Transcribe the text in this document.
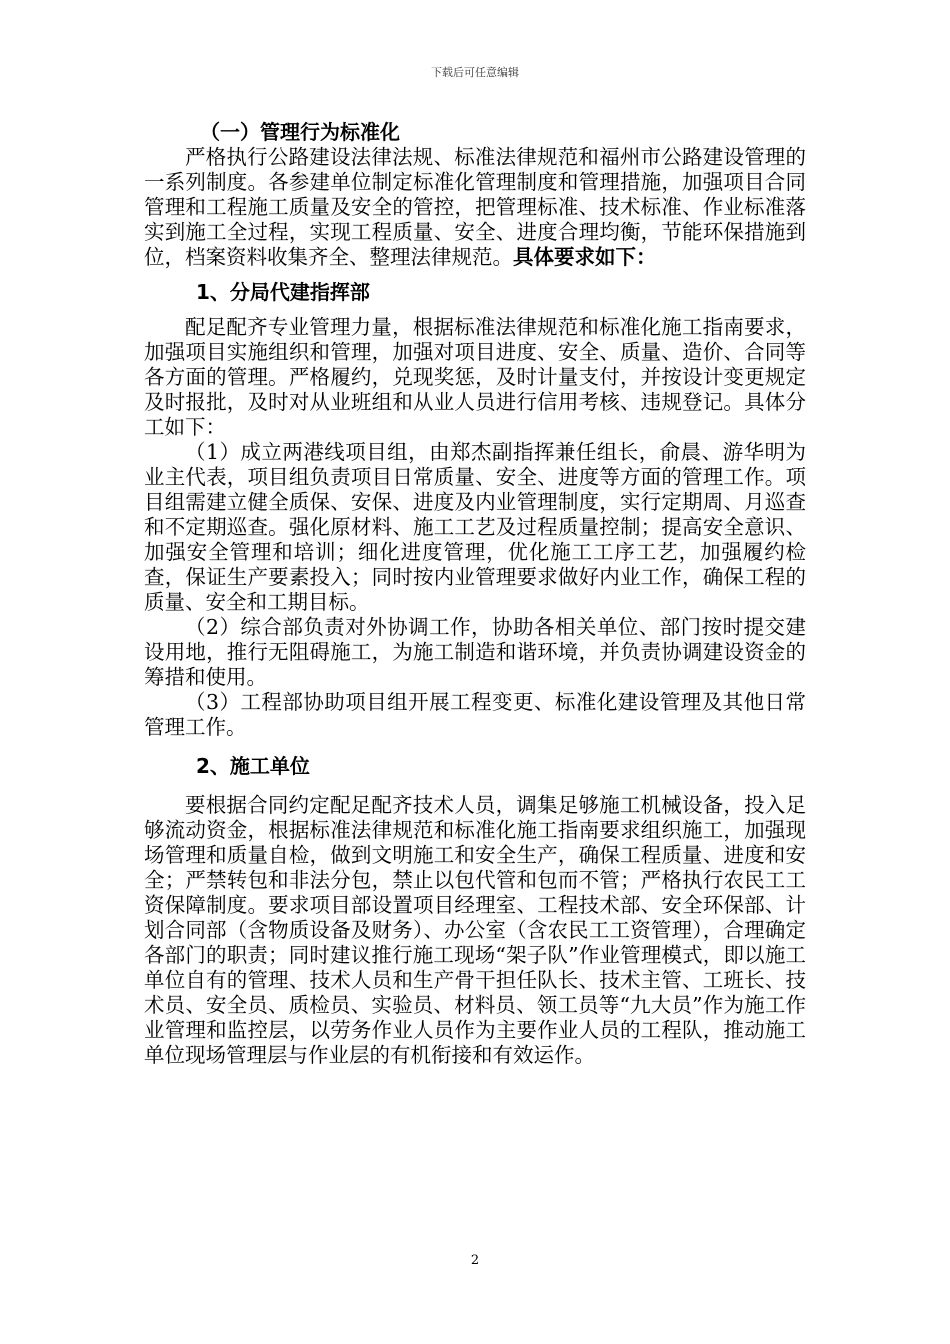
下载后可任意编辑

（一）管理行为标准化

严格执行公路建设法律法规、标准法律规范和福州市公路建设管理的一系列制度。各参建单位制定标准化管理制度和管理措施，加强项目合同管理和工程施工质量及安全的管控，把管理标准、技术标准、作业标准落实到施工全过程，实现工程质量、安全、进度合理均衡，节能环保措施到位，档案资料收集齐全、整理法律规范。具体要求如下：

1、分局代建指挥部

配足配齐专业管理力量，根据标准法律规范和标准化施工指南要求，加强项目实施组织和管理，加强对项目进度、安全、质量、造价、合同等各方面的管理。严格履约，兑现奖惩，及时计量支付，并按设计变更规定及时报批，及时对从业班组和从业人员进行信用考核、违规登记。具体分工如下：

（1）成立两港线项目组，由郑杰副指挥兼任组长，俞晨、游华明为业主代表，项目组负责项目日常质量、安全、进度等方面的管理工作。项目组需建立健全质保、安保、进度及内业管理制度，实行定期周、月巡查和不定期巡查。强化原材料、施工工艺及过程质量控制；提高安全意识、加强安全管理和培训；细化进度管理，优化施工工序工艺，加强履约检查，保证生产要素投入；同时按内业管理要求做好内业工作，确保工程的质量、安全和工期目标。

（2）综合部负责对外协调工作，协助各相关单位、部门按时提交建设用地，推行无阻碍施工，为施工制造和谐环境，并负责协调建设资金的筹措和使用。

（3）工程部协助项目组开展工程变更、标准化建设管理及其他日常管理工作。

2、施工单位

要根据合同约定配足配齐技术人员，调集足够施工机械设备，投入足够流动资金，根据标准法律规范和标准化施工指南要求组织施工，加强现场管理和质量自检，做到文明施工和安全生产，确保工程质量、进度和安全；严禁转包和非法分包，禁止以包代管和包而不管；严格执行农民工工资保障制度。要求项目部设置项目经理室、工程技术部、安全环保部、计划合同部（含物质设备及财务）、办公室（含农民工工资管理），合理确定各部门的职责；同时建议推行施工现场“架子队”作业管理模式，即以施工单位自有的管理、技术人员和生产骨干担任队长、技术主管、工班长、技术员、安全员、质检员、实验员、材料员、领工员等“九大员”作为施工作业管理和监控层，以劳务作业人员作为主要作业人员的工程队，推动施工单位现场管理层与作业层的有机衔接和有效运作。

2
